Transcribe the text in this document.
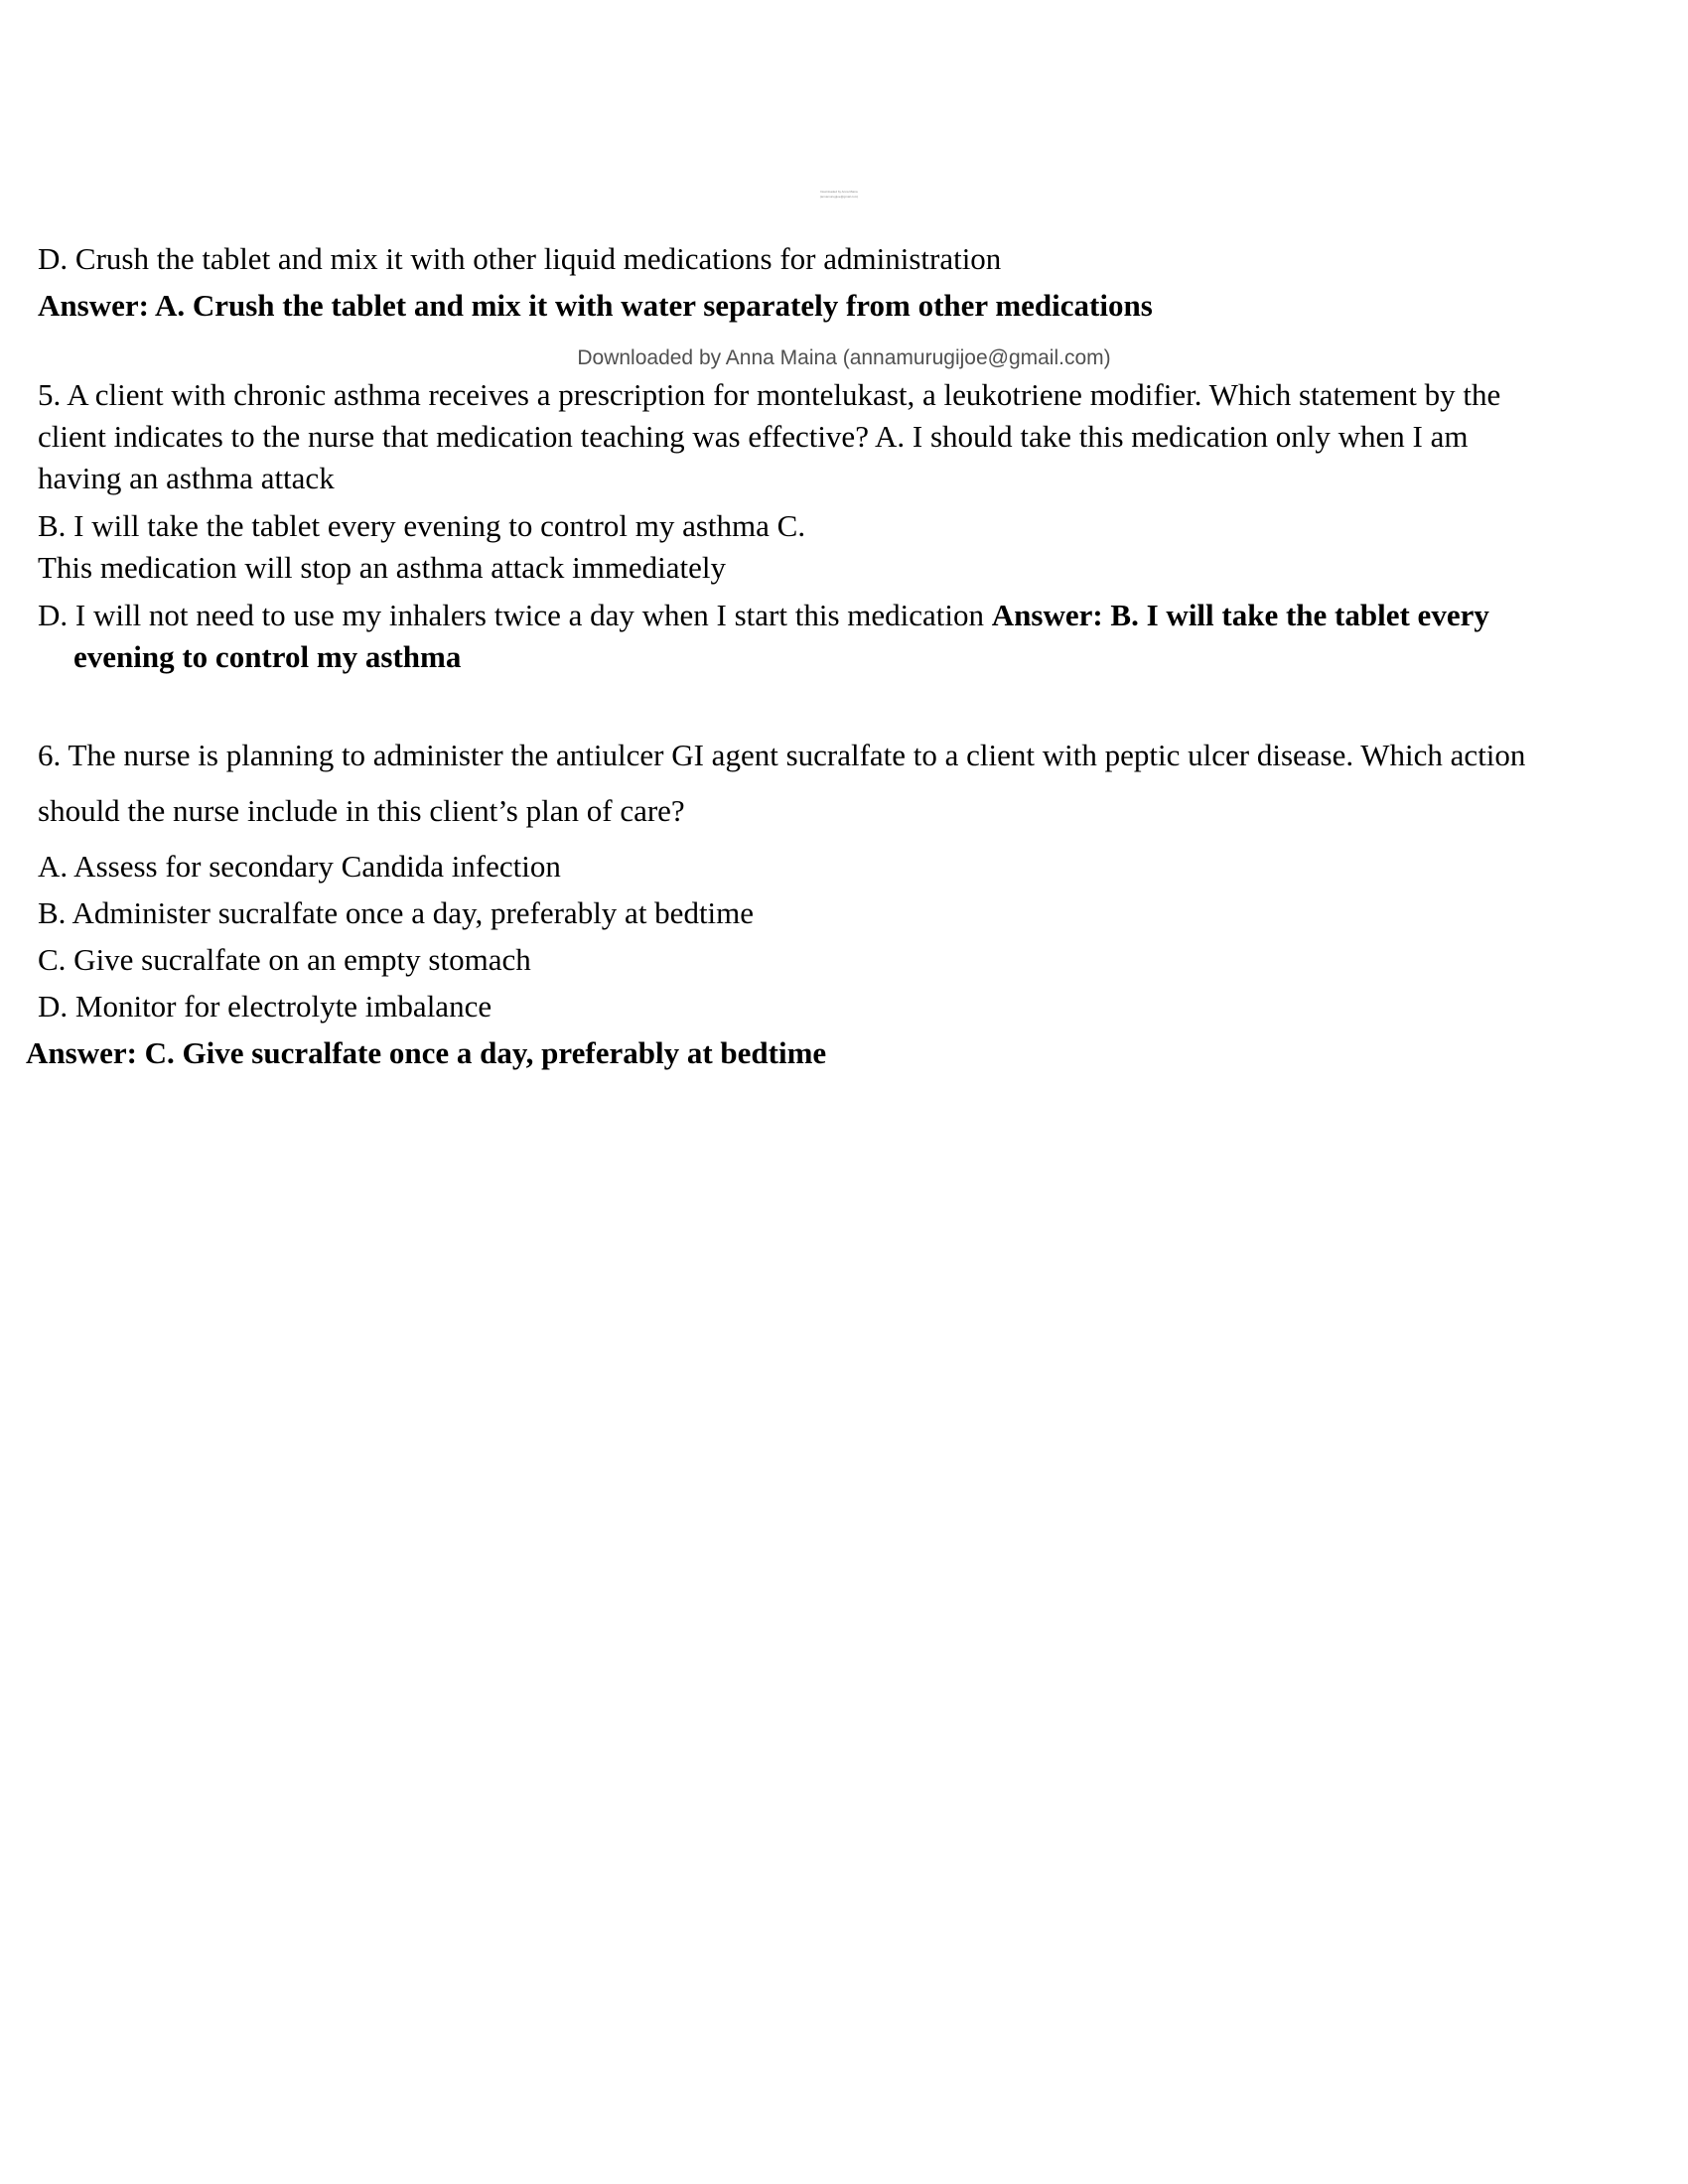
Downloaded by Anna Maina (annamurugijoe@gmail.com)
D. Crush the tablet and mix it with other liquid medications for administration
Answer: A. Crush the tablet and mix it with water separately from other medications
Downloaded by Anna Maina (annamurugijoe@gmail.com)
5. A client with chronic asthma receives a prescription for montelukast, a leukotriene modifier. Which statement by the
client indicates to the nurse that medication teaching was effective? A. I should take this medication only when I am
having an asthma attack
B. I will take the tablet every evening to control my asthma C.
This medication will stop an asthma attack immediately
D. I will not need to use my inhalers twice a day when I start this medication Answer: B. I will take the tablet every
evening to control my asthma
6. The nurse is planning to administer the antiulcer GI agent sucralfate to a client with peptic ulcer disease. Which action
should the nurse include in this client’s plan of care?
A. Assess for secondary Candida infection
B. Administer sucralfate once a day, preferably at bedtime
C. Give sucralfate on an empty stomach
D. Monitor for electrolyte imbalance
Answer: C. Give sucralfate once a day, preferably at bedtime
